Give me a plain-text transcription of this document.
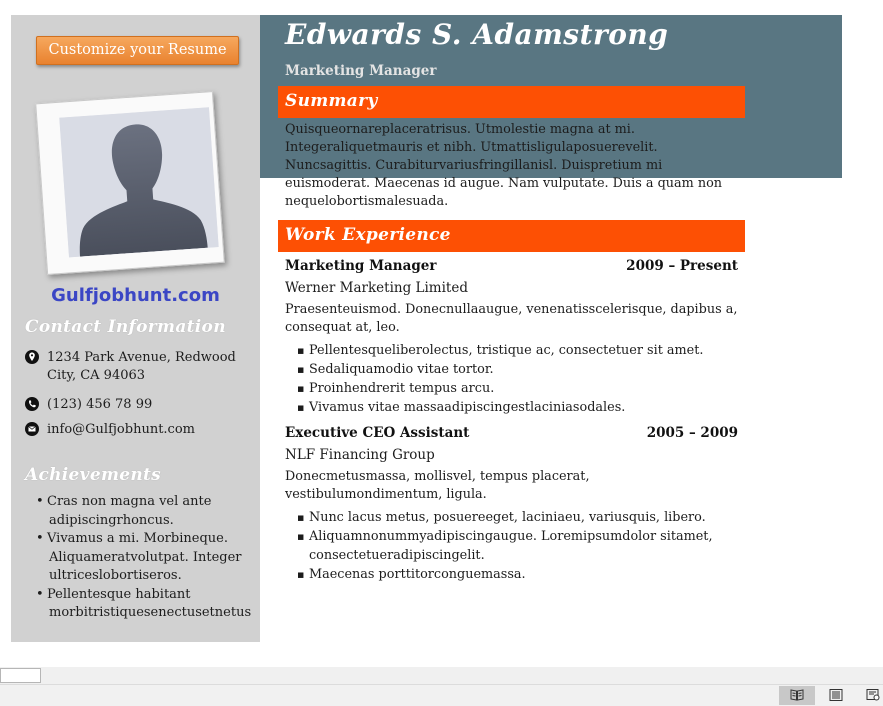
Customize your Resume
Gulfjobhunt.com
Contact Information
1234 Park Avenue, Redwood City, CA 94063
(123) 456 78 99
info@Gulfjobhunt.com
Achievements
• Cras non magna vel ante adipiscingrhoncus.
• Vivamus a mi. Morbineque. Aliquameratvolutpat. Integer ultriceslobortiseros.
• Pellentesque habitant morbitristiquesenectusetnetus
Edwards S. Adamstrong
Marketing Manager
Summary
Quisqueornareplaceratrisus. Utmolestie magna at mi. Integeraliquetmauris et nibh. Utmattisligulaposuerevelit. Nuncsagittis. Curabiturvariusfringillanisl. Duispretium mi euismoderat. Maecenas id augue. Nam vulputate. Duis a quam non nequelobortismalesuada.
Work Experience
Marketing Manager	2009 – Present
Werner Marketing Limited
Praesenteuismod. Donecnullaaugue, venenatisscelerisque, dapibus a, consequat at, leo.
▪ Pellentesqueliberolectus, tristique ac, consectetuer sit amet.
▪ Sedaliquamodio vitae tortor.
▪ Proinhendrerit tempus arcu.
▪ Vivamus vitae massaadipiscingestlaciniasodales.
Executive CEO Assistant	2005 – 2009
NLF Financing Group
Donecmetusmassa, mollisvel, tempus placerat, vestibulumondimentum, ligula.
▪ Nunc lacus metus, posuereeget, laciniaeu, variusquis, libero.
▪ Aliquamnonummyadipiscingaugue. Loremipsumdolor sitamet, consectetueradipiscingelit.
▪ Maecenas porttitorconguemassa.
